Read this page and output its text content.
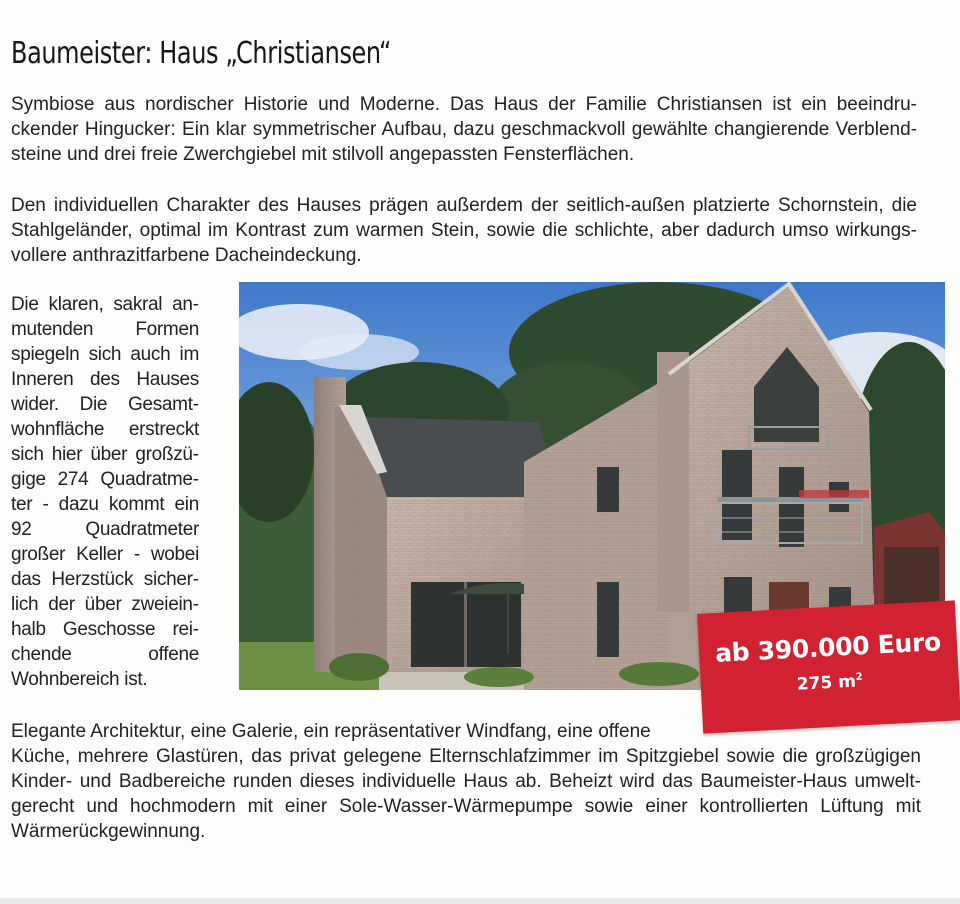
Baumeister: Haus „Christiansen“

Symbiose aus nordischer Historie und Moderne. Das Haus der Familie Christiansen ist ein beeindruckender Hingucker: Ein klar symmetrischer Aufbau, dazu geschmackvoll gewählte changierende Verblendsteine und drei freie Zwerchgiebel mit stilvoll angepassten Fensterflächen.

Den individuellen Charakter des Hauses prägen außerdem der seitlich-außen platzierte Schornstein, die Stahlgeländer, optimal im Kontrast zum warmen Stein, sowie die schlichte, aber dadurch umso wirkungsvollere anthrazitfarbene Dacheindeckung.

Die klaren, sakral anmutenden Formen spiegeln sich auch im Inneren des Hauses wider. Die Gesamtwohnfläche erstreckt sich hier über großzügige 274 Quadratmeter - dazu kommt ein 92 Quadratmeter großer Keller - wobei das Herzstück sicherlich der über zweieinhalb Geschosse reichende offene Wohnbereich ist.

ab 390.000 Euro
275 $m^2$

Elegante Architektur, eine Galerie, ein repräsentativer Windfang, eine offene
Küche, mehrere Glastüren, das privat gelegene Elternschlafzimmer im Spitzgiebel sowie die großzügigen Kinder- und Badbereiche runden dieses individuelle Haus ab. Beheizt wird das Baumeister-Haus umweltgerecht und hochmodern mit einer Sole-Wasser-Wärmepumpe sowie einer kontrollierten Lüftung mit Wärmerückgewinnung.
